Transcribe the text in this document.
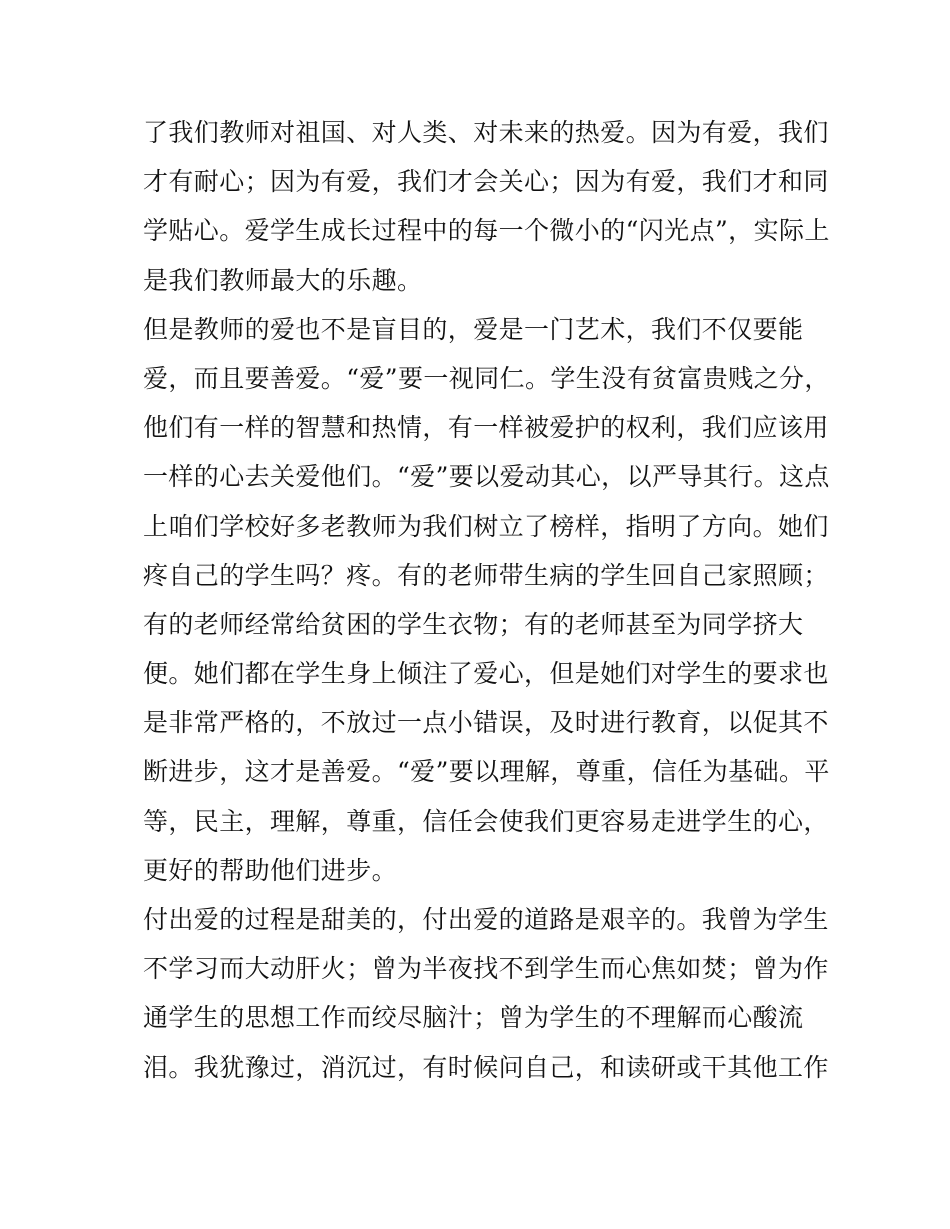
了我们教师对祖国、对人类、对未来的热爱。因为有爱，我们
才有耐心；因为有爱，我们才会关心；因为有爱，我们才和同
学贴心。爱学生成长过程中的每一个微小的“闪光点”，实际上
是我们教师最大的乐趣。
但是教师的爱也不是盲目的，爱是一门艺术，我们不仅要能
爱，而且要善爱。“爱”要一视同仁。学生没有贫富贵贱之分，
他们有一样的智慧和热情，有一样被爱护的权利，我们应该用
一样的心去关爱他们。“爱”要以爱动其心，以严导其行。这点
上咱们学校好多老教师为我们树立了榜样，指明了方向。她们
疼自己的学生吗？疼。有的老师带生病的学生回自己家照顾；
有的老师经常给贫困的学生衣物；有的老师甚至为同学挤大
便。她们都在学生身上倾注了爱心，但是她们对学生的要求也
是非常严格的，不放过一点小错误，及时进行教育，以促其不
断进步，这才是善爱。“爱”要以理解，尊重，信任为基础。平
等，民主，理解，尊重，信任会使我们更容易走进学生的心，
更好的帮助他们进步。
付出爱的过程是甜美的，付出爱的道路是艰辛的。我曾为学生
不学习而大动肝火；曾为半夜找不到学生而心焦如焚；曾为作
通学生的思想工作而绞尽脑汁；曾为学生的不理解而心酸流
泪。我犹豫过，消沉过，有时候问自己，和读研或干其他工作
